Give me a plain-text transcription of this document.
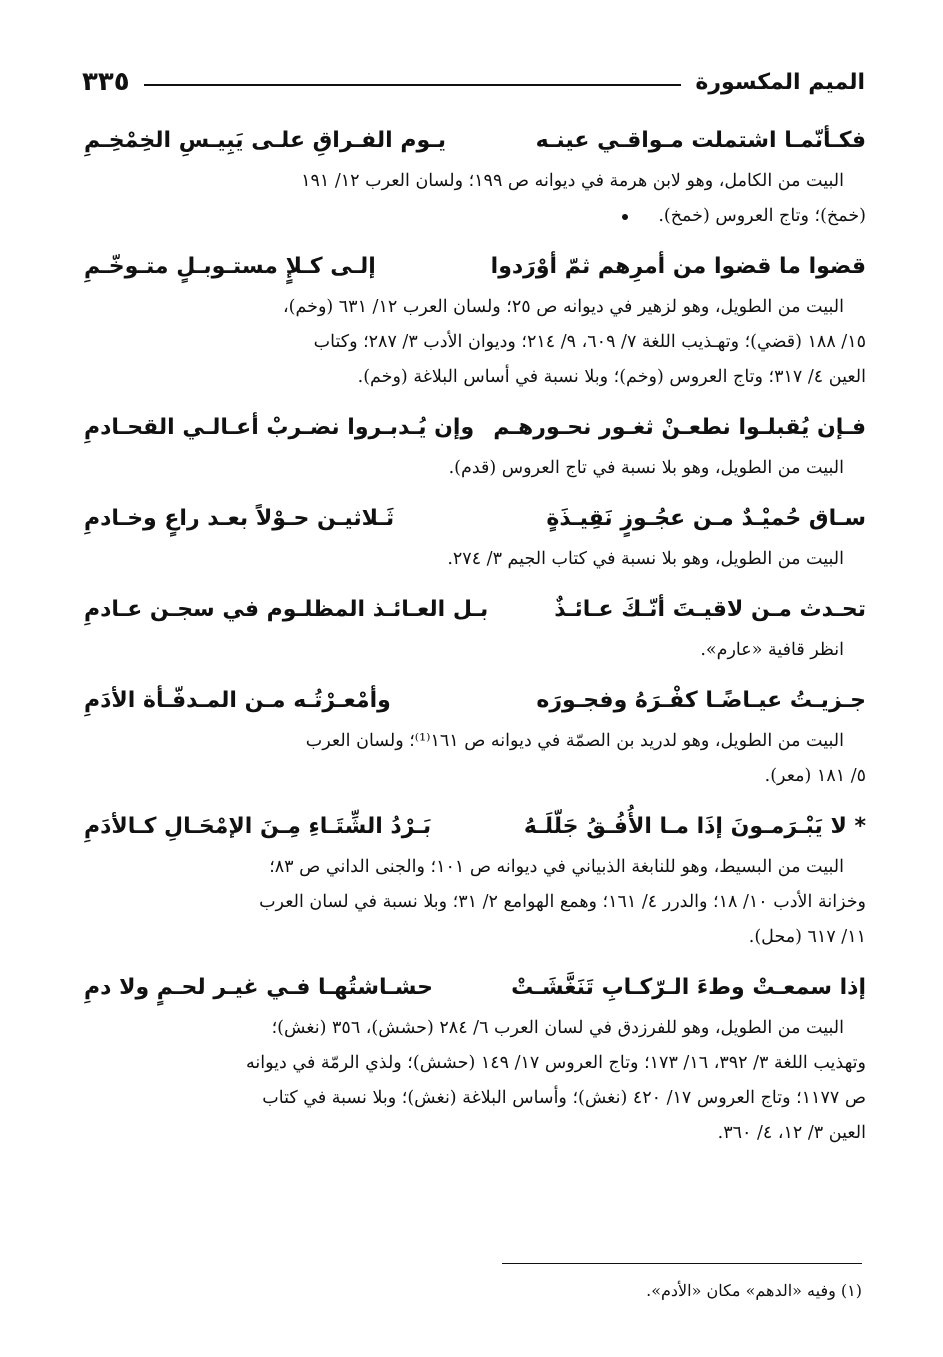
الميم المكسورة
٣٣٥
فكـأنّمـا اشتملت مـواقـي عينـه
يـوم الفـراقِ علـى يَبِيـسِ الخِمْخِـمِ

البيت من الكامل، وهو لابن هرمة في ديوانه ص ١٩٩؛ ولسان العرب ١٢/ ١٩١

(خمخ)؛ وتاج العروس (خمخ).

قضوا ما قضوا من أمرِهم ثمّ أوْرَدوا
إلـى كـلإٍ مستـوبـلٍ متـوخّـمِ

البيت من الطويل، وهو لزهير في ديوانه ص ٢٥؛ ولسان العرب ١٢/ ٦٣١ (وخم)،

١٥/ ١٨٨ (قضي)؛ وتهـذيب اللغة ٧/ ٦٠٩، ٩/ ٢١٤؛ وديوان الأدب ٣/ ٢٨٧؛ وكتاب

العين ٤/ ٣١٧؛ وتاج العروس (وخم)؛ وبلا نسبة في أساس البلاغة (وخم).

فـإن يُقبلـوا نطعـنْ ثغـور نحـورهـم
وإن يُـدبـروا نضـربْ أعـالـي القحـادمِ

البيت من الطويل، وهو بلا نسبة في تاج العروس (قدم).

سـاق حُميْـدٌ مـن عجُـوزٍ نَقِيـذَةٍ
ثَـلاثيـن حـوْلاً بعـد راعٍ وخـادمِ

البيت من الطويل، وهو بلا نسبة في كتاب الجيم ٣/ ٢٧٤.

تحـدث مـن لاقيـتَ أنّـكَ عـائـذٌ
بـل العـائـذ المظلـوم في سجـن عـادمِ

انظر قافية «عارم».

جـزيـتُ عيـاضًـا كفْـرَهُ وفجـورَه
وأمْعـرْتُـه مـن المـدفّـأة الأدَمِ

البيت من الطويل، وهو لدريد بن الصمّة في ديوانه ص ١٦١⁽¹⁾؛ ولسان العرب

٥/ ١٨١ (معر).

* لا يَبْـرَمـونَ إذَا مـا الأُفُـقُ جَلّلَـهُ
بَـرْدُ الشِّتَـاءِ مِـنَ الإمْحَـالِ كـالأدَمِ

البيت من البسيط، وهو للنابغة الذبياني في ديوانه ص ١٠١؛ والجنى الداني ص ٨٣؛

وخزانة الأدب ١٠/ ١٨؛ والدرر ٤/ ١٦١؛ وهمع الهوامع ٢/ ٣١؛ وبلا نسبة في لسان العرب

١١/ ٦١٧ (محل).

إذا سمعـتْ وطءَ الـرّكـابِ تَنَغَّشَـتْ
حشـاشتُهـا فـي غيـر لحـمٍ ولا دمِ

البيت من الطويل، وهو للفرزدق في لسان العرب ٦/ ٢٨٤ (حشش)، ٣٥٦ (نغش)؛

وتهذيب اللغة ٣/ ٣٩٢، ١٦/ ١٧٣؛ وتاج العروس ١٧/ ١٤٩ (حشش)؛ ولذي الرمّة في ديوانه

ص ١١٧٧؛ وتاج العروس ١٧/ ٤٢٠ (نغش)؛ وأساس البلاغة (نغش)؛ وبلا نسبة في كتاب

العين ٣/ ١٢، ٤/ ٣٦٠.

(١) وفيه «الدهم» مكان «الأدم».
